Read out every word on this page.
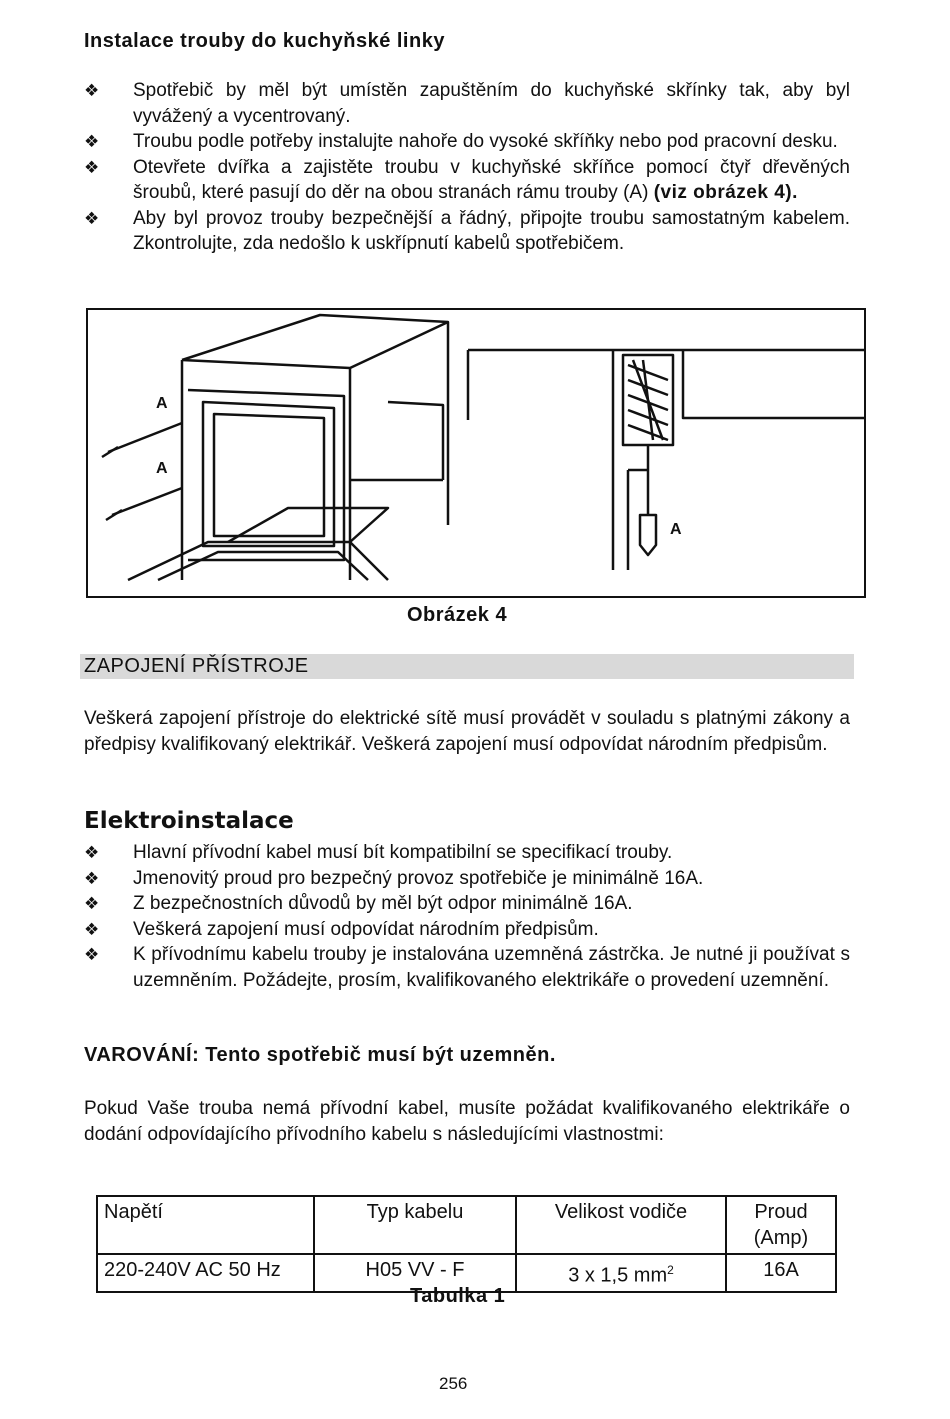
Instalace trouby do kuchyňské linky
❖ Spotřebič by měl být umístěn zapuštěním do kuchyňské skřínky tak, aby byl vyvážený a vycentrovaný.
❖ Troubu podle potřeby instalujte nahoře do vysoké skříňky nebo pod pracovní desku.
❖ Otevřete dvířka a zajistěte troubu v kuchyňské skříňce pomocí čtyř dřevěných šroubů, které pasují do děr na obou stranách rámu trouby (A) (viz obrázek 4).
❖ Aby byl provoz trouby bezpečnější a řádný, připojte troubu samostatným kabelem. Zkontrolujte, zda nedošlo k uskřípnutí kabelů spotřebičem.
A
A
A
Obrázek 4
ZAPOJENÍ PŘÍSTROJE
Veškerá zapojení přístroje do elektrické sítě musí provádět v souladu s platnými zákony a předpisy kvalifikovaný elektrikář. Veškerá zapojení musí odpovídat národním předpisům.
Elektroinstalace
❖ Hlavní přívodní kabel musí bít kompatibilní se specifikací trouby.
❖ Jmenovitý proud pro bezpečný provoz spotřebiče je minimálně 16A.
❖ Z bezpečnostních důvodů by měl být odpor minimálně 16A.
❖ Veškerá zapojení musí odpovídat národním předpisům.
❖ K přívodnímu kabelu trouby je instalována uzemněná zástrčka. Je nutné ji používat s uzemněním. Požádejte, prosím, kvalifikovaného elektrikáře o provedení uzemnění.
VAROVÁNÍ: Tento spotřebič musí být uzemněn.
Pokud Vaše trouba nemá přívodní kabel, musíte požádat kvalifikovaného elektrikáře o dodání odpovídajícího přívodního kabelu s následujícími vlastnostmi:
Napětí	Typ kabelu	Velikost vodiče	Proud (Amp)
220-240V AC 50 Hz	H05 VV - F	3 x 1,5 $mm^2$	16A
Tabulka 1
256
